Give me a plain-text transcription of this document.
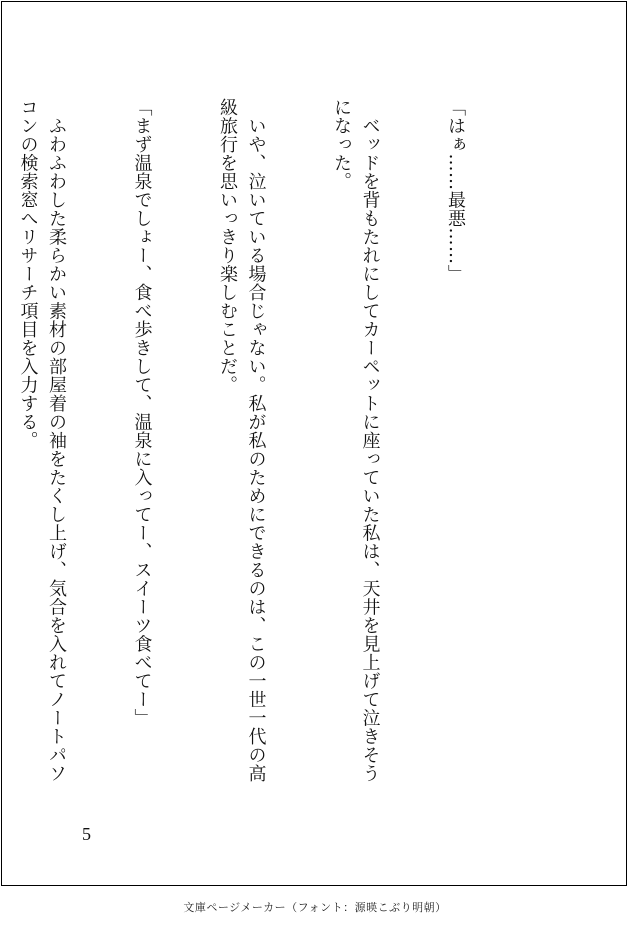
「はぁ……最悪……」

　ベッドを背もたれにしてカーペットに座っていた私は、天井を見上げて泣きそうになった。

　いや、泣いている場合じゃない。私が私のためにできるのは、この一世一代の高級旅行を思いっきり楽しむことだ。

「まず温泉でしょー、食べ歩きして、温泉に入ってー、スイーツ食べてー」

　ふわふわした柔らかい素材の部屋着の袖をたくし上げ、気合を入れてノートパソコンの検索窓へリサーチ項目を入力する。

5
文庫ページメーカー（フォント：源暎こぶり明朝）
